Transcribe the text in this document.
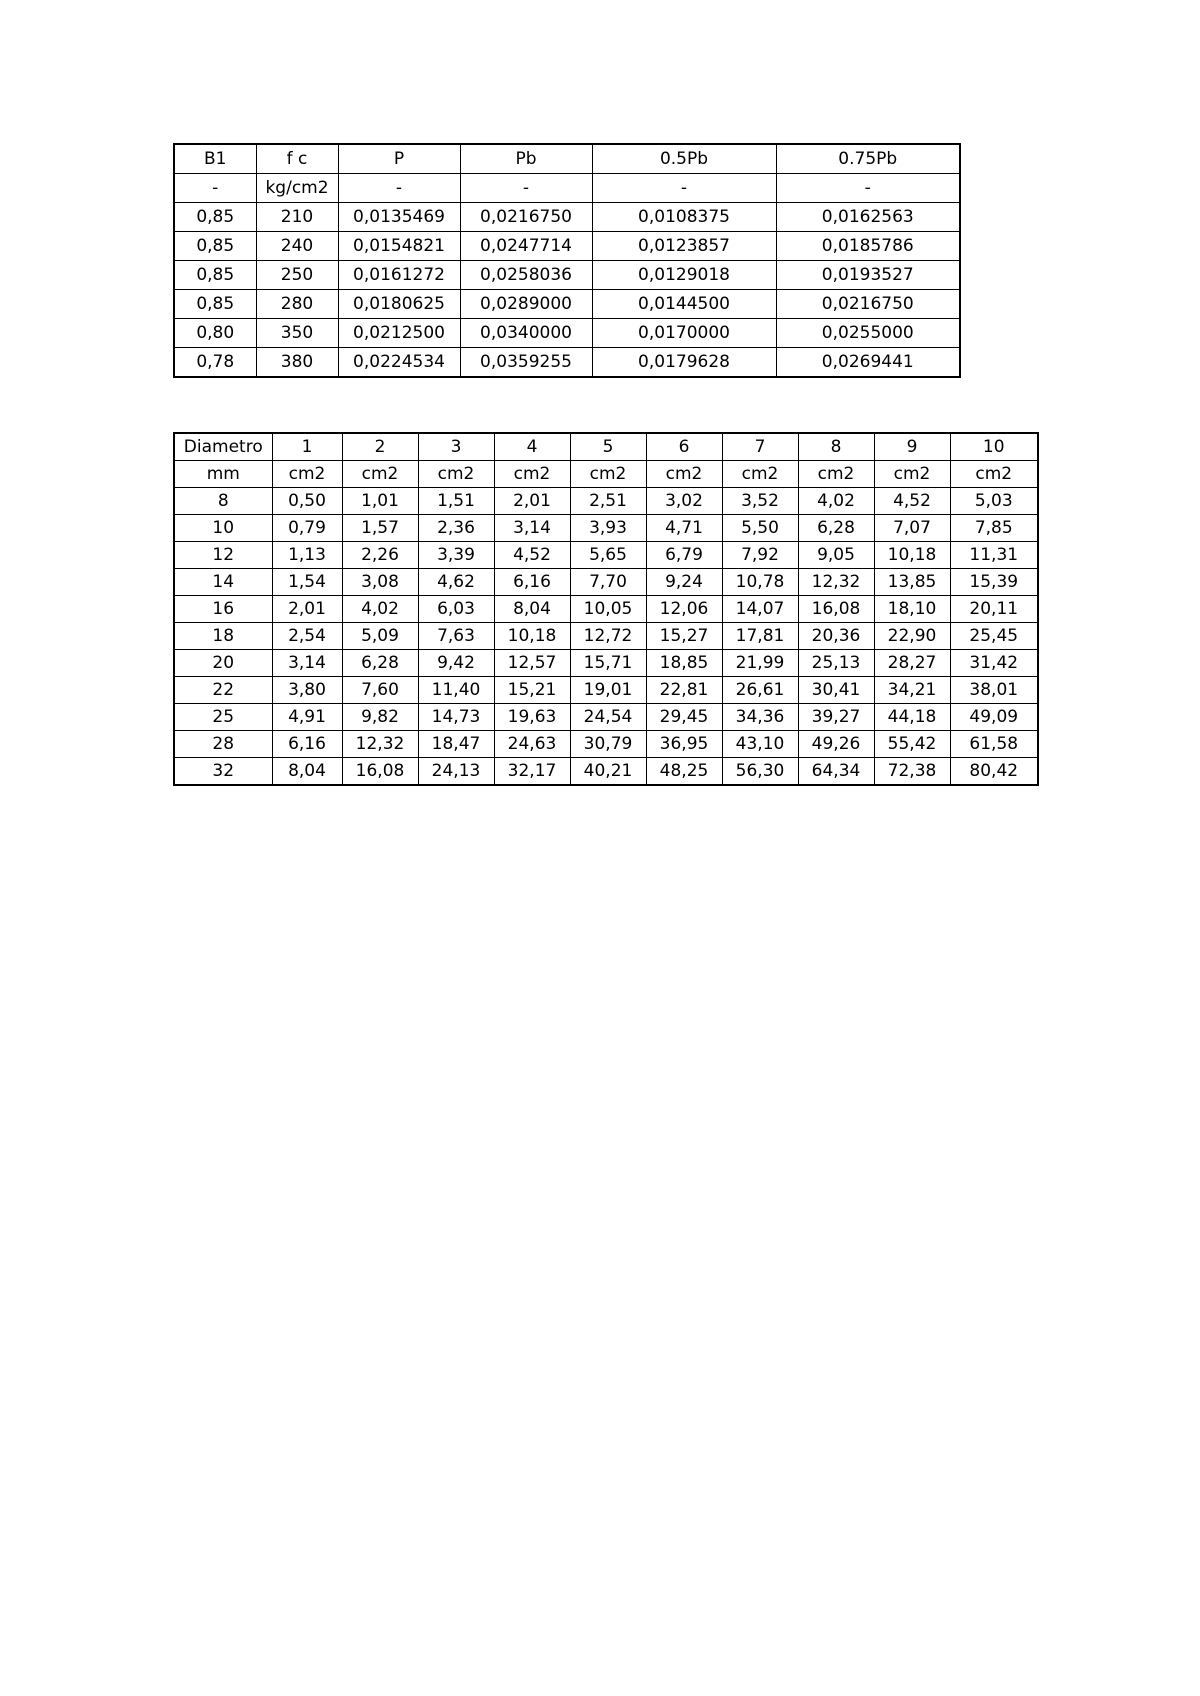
B1	f c	P	Pb	0.5Pb	0.75Pb
-	kg/cm2	-	-	-	-
0,85	210	0,0135469	0,0216750	0,0108375	0,0162563
0,85	240	0,0154821	0,0247714	0,0123857	0,0185786
0,85	250	0,0161272	0,0258036	0,0129018	0,0193527
0,85	280	0,0180625	0,0289000	0,0144500	0,0216750
0,80	350	0,0212500	0,0340000	0,0170000	0,0255000
0,78	380	0,0224534	0,0359255	0,0179628	0,0269441
Diametro	1	2	3	4	5	6	7	8	9	10
mm	cm2	cm2	cm2	cm2	cm2	cm2	cm2	cm2	cm2	cm2
8	0,50	1,01	1,51	2,01	2,51	3,02	3,52	4,02	4,52	5,03
10	0,79	1,57	2,36	3,14	3,93	4,71	5,50	6,28	7,07	7,85
12	1,13	2,26	3,39	4,52	5,65	6,79	7,92	9,05	10,18	11,31
14	1,54	3,08	4,62	6,16	7,70	9,24	10,78	12,32	13,85	15,39
16	2,01	4,02	6,03	8,04	10,05	12,06	14,07	16,08	18,10	20,11
18	2,54	5,09	7,63	10,18	12,72	15,27	17,81	20,36	22,90	25,45
20	3,14	6,28	9,42	12,57	15,71	18,85	21,99	25,13	28,27	31,42
22	3,80	7,60	11,40	15,21	19,01	22,81	26,61	30,41	34,21	38,01
25	4,91	9,82	14,73	19,63	24,54	29,45	34,36	39,27	44,18	49,09
28	6,16	12,32	18,47	24,63	30,79	36,95	43,10	49,26	55,42	61,58
32	8,04	16,08	24,13	32,17	40,21	48,25	56,30	64,34	72,38	80,42
